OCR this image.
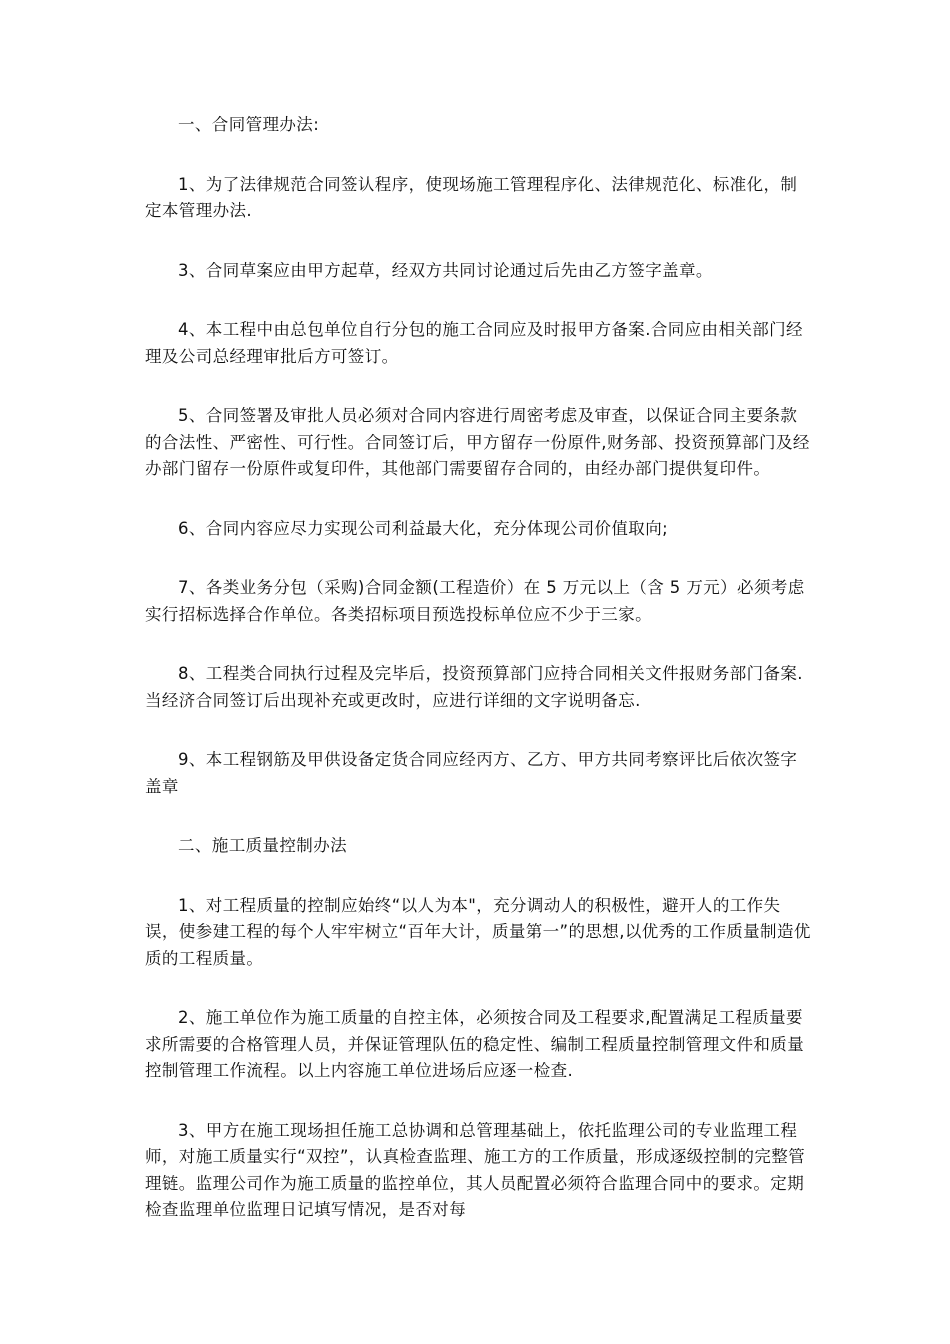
一、合同管理办法:

1、为了法律规范合同签认程序，使现场施工管理程序化、法律规范化、标准化，制定本管理办法.

3、合同草案应由甲方起草，经双方共同讨论通过后先由乙方签字盖章。

4、本工程中由总包单位自行分包的施工合同应及时报甲方备案.合同应由相关部门经理及公司总经理审批后方可签订。

5、合同签署及审批人员必须对合同内容进行周密考虑及审查，以保证合同主要条款的合法性、严密性、可行性。合同签订后，甲方留存一份原件,财务部、投资预算部门及经办部门留存一份原件或复印件，其他部门需要留存合同的，由经办部门提供复印件。

6、合同内容应尽力实现公司利益最大化，充分体现公司价值取向;

7、各类业务分包（采购)合同金额(工程造价）在 5 万元以上（含 5 万元）必须考虑实行招标选择合作单位。各类招标项目预选投标单位应不少于三家。

8、工程类合同执行过程及完毕后，投资预算部门应持合同相关文件报财务部门备案.当经济合同签订后出现补充或更改时，应进行详细的文字说明备忘.

9、本工程钢筋及甲供设备定货合同应经丙方、乙方、甲方共同考察评比后依次签字盖章

二、施工质量控制办法

1、对工程质量的控制应始终“以人为本"，充分调动人的积极性，避开人的工作失误，使参建工程的每个人牢牢树立“百年大计，质量第一”的思想,以优秀的工作质量制造优质的工程质量。

2、施工单位作为施工质量的自控主体，必须按合同及工程要求,配置满足工程质量要求所需要的合格管理人员，并保证管理队伍的稳定性、编制工程质量控制管理文件和质量控制管理工作流程。以上内容施工单位进场后应逐一检查.

3、甲方在施工现场担任施工总协调和总管理基础上，依托监理公司的专业监理工程师，对施工质量实行“双控”，认真检查监理、施工方的工作质量，形成逐级控制的完整管理链。监理公司作为施工质量的监控单位，其人员配置必须符合监理合同中的要求。定期检查监理单位监理日记填写情况，是否对每
